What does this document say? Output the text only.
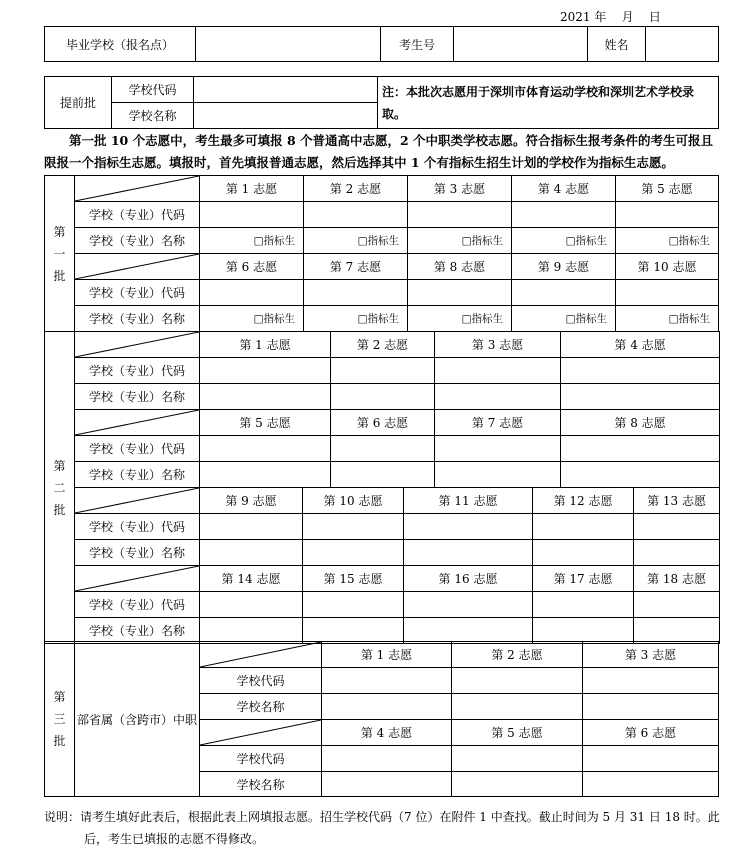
2021 年    月    日
毕业学校（报名点）		考生号		姓名	
提前批	学校代码		注：本批次志愿用于深圳市体育运动学校和深圳艺术学校录取。
	学校名称		
第一批 10 个志愿中，考生最多可填报 8 个普通高中志愿，2 个中职类学校志愿。符合指标生报考条件的考生可报且限报一个指标生志愿。填报时，首先填报普通志愿，然后选择其中 1 个有指标生招生计划的学校作为指标生志愿。
第一批		第 1 志愿	第 2 志愿	第 3 志愿	第 4 志愿	第 5 志愿
	学校（专业）代码					
	学校（专业）名称	□指标生	□指标生	□指标生	□指标生	□指标生

	第 6 志愿	第 7 志愿	第 8 志愿	第 9 志愿	第 10 志愿
	学校（专业）代码					
	学校（专业）名称	□指标生	□指标生	□指标生	□指标生	□指标生
第二批		第 1 志愿		第 2 志愿		第 3 志愿		第 4 志愿	
	学校（专业）代码								
	学校（专业）名称								

	第 5 志愿		第 6 志愿		第 7 志愿		第 8 志愿	
	学校（专业）代码								
	学校（专业）名称								

	第 9 志愿	第 10 志愿		第 11 志愿		第 12 志愿		第 13 志愿
	学校（专业）代码								
	学校（专业）名称								

	第 14 志愿	第 15 志愿		第 16 志愿		第 17 志愿		第 18 志愿
	学校（专业）代码								
	学校（专业）名称								
第三批	部省属（含跨市）中职		第 1 志愿	第 2 志愿	第 3 志愿
		学校代码			
		学校名称			

	第 4 志愿	第 5 志愿	第 6 志愿
		学校代码			
		学校名称			
说明：请考生填好此表后，根据此表上网填报志愿。招生学校代码（7 位）在附件 1 中查找。截止时间为 5 月 31 日 18 时。此
后，考生已填报的志愿不得修改。
